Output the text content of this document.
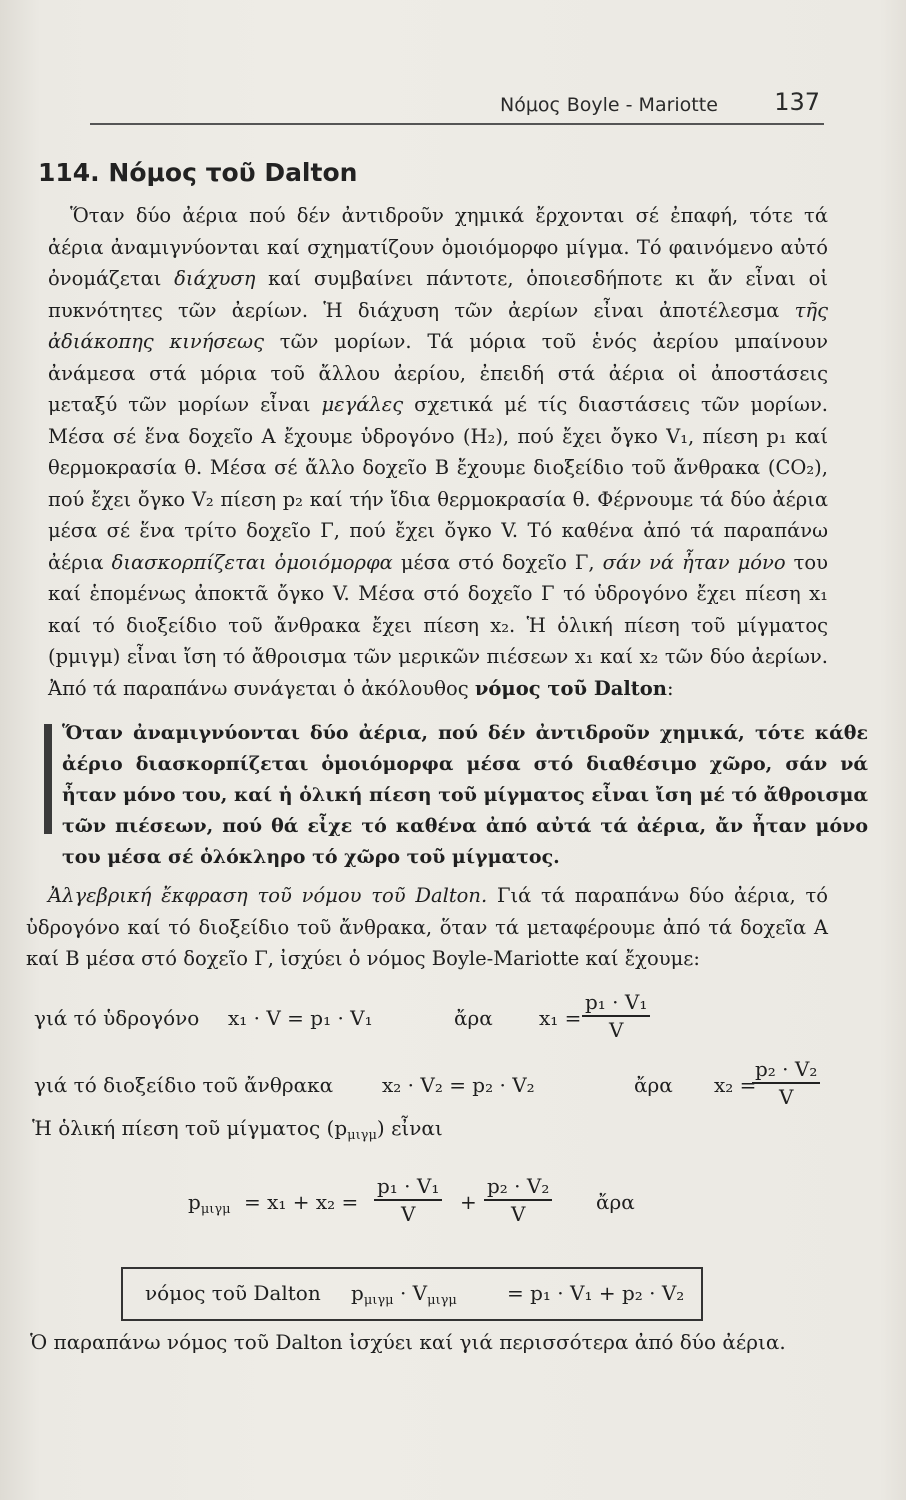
Νόμος Boyle - Mariotte 137
114. Νόμος τοῦ Dalton

Ὅταν δύο ἀέρια πού δέν ἀντιδροῦν χημικά ἔρχονται σέ ἐπαφή, τότε τά ἀέρια ἀναμιγνύονται καί σχηματίζουν ὁμοιόμορφο μίγμα. Τό φαινόμενο αὐτό ὀνομάζεται διάχυση καί συμβαίνει πάντοτε, ὁποιεσδήποτε κι ἄν εἶναι οἱ πυκνότητες τῶν ἀερίων. Ἡ διάχυση τῶν ἀερίων εἶναι ἀποτέλεσμα τῆς ἀδιάκοπης κινήσεως τῶν μορίων. Τά μόρια τοῦ ἑνός ἀερίου μπαίνουν ἀνάμεσα στά μόρια τοῦ ἄλλου ἀερίου, ἐπειδή στά ἀέρια οἱ ἀποστάσεις μεταξύ τῶν μορίων εἶναι μεγάλες σχετικά μέ τίς διαστάσεις τῶν μορίων. Μέσα σέ ἕνα δοχεῖο Α ἔχουμε ὑδρογόνο (H₂), πού ἔχει ὄγκο V₁, πίεση p₁ καί θερμοκρασία θ. Μέσα σέ ἄλλο δοχεῖο Β ἔχουμε διοξείδιο τοῦ ἄνθρακα (CO₂), πού ἔχει ὄγκο V₂ πίεση p₂ καί τήν ἴδια θερμοκρασία θ. Φέρνουμε τά δύο ἀέρια μέσα σέ ἕνα τρίτο δοχεῖο Γ, πού ἔχει ὄγκο V. Τό καθένα ἀπό τά παραπάνω ἀέρια διασκορπίζεται ὁμοιόμορφα μέσα στό δοχεῖο Γ, σάν νά ἦταν μόνο του καί ἑπομένως ἀποκτᾶ ὄγκο V. Μέσα στό δοχεῖο Γ τό ὑδρογόνο ἔχει πίεση x₁ καί τό διοξείδιο τοῦ ἄνθρακα ἔχει πίεση x₂. Ἡ ὁλική πίεση τοῦ μίγματος (pμιγμ) εἶναι ἴση τό ἄθροισμα τῶν μερικῶν πιέσεων x₁ καί x₂ τῶν δύο ἀερίων. Ἀπό τά παραπάνω συνάγεται ὁ ἀκόλουθος νόμος τοῦ Dalton:

Ὅταν ἀναμιγνύονται δύο ἀέρια, πού δέν ἀντιδροῦν χημικά, τότε κάθε ἀέριο διασκορπίζεται ὁμοιόμορφα μέσα στό διαθέσιμο χῶρο, σάν νά ἦταν μόνο του, καί ἡ ὁλική πίεση τοῦ μίγματος εἶναι ἴση μέ τό ἄθροισμα τῶν πιέσεων, πού θά εἶχε τό καθένα ἀπό αὐτά τά ἀέρια, ἄν ἦταν μόνο του μέσα σέ ὁλόκληρο τό χῶρο τοῦ μίγματος.
Ἀλγεβρική ἔκφραση τοῦ νόμου τοῦ Dalton. Γιά τά παραπάνω δύο ἀέρια, τό ὑδρογόνο καί τό διοξείδιο τοῦ ἄνθρακα, ὅταν τά μεταφέρουμε ἀπό τά δοχεῖα Α καί Β μέσα στό δοχεῖο Γ, ἰσχύει ὁ νόμος Boyle-Mariotte καί ἔχουμε:
γιά τό ὑδρογόνο x₁ · V = p₁ · V₁	ἄρα $x_1 = \frac{\text{p₁ · V₁}}{V}$
γιά τό διοξείδιο τοῦ ἄνθρακα x₂ · V₂ = p₂ · V₂	ἄρα x₂ =
$\frac{\text{p₂ · V₂}}{V}$
Ἡ ὁλική πίεση τοῦ μίγματος $(p_{\mu\iota\gamma\mu})$ εἶναι
$p_{\mu\iota\gamma\mu} = x_1 + x_2 = \frac{\text{p₁ · V₁}}{V} + \frac{\text{p₂ · V₂}}{V}$ ἄρα
νόμος τοῦ Dalton $p_{\mu\iota\gamma\mu} \cdot V_{\mu\iota\gamma\mu}$	= p₁ · V₁ + p₂ · V₂
Ὁ παραπάνω νόμος τοῦ Dalton ἰσχύει καί γιά περισσότερα ἀπό δύο ἀέρια.
